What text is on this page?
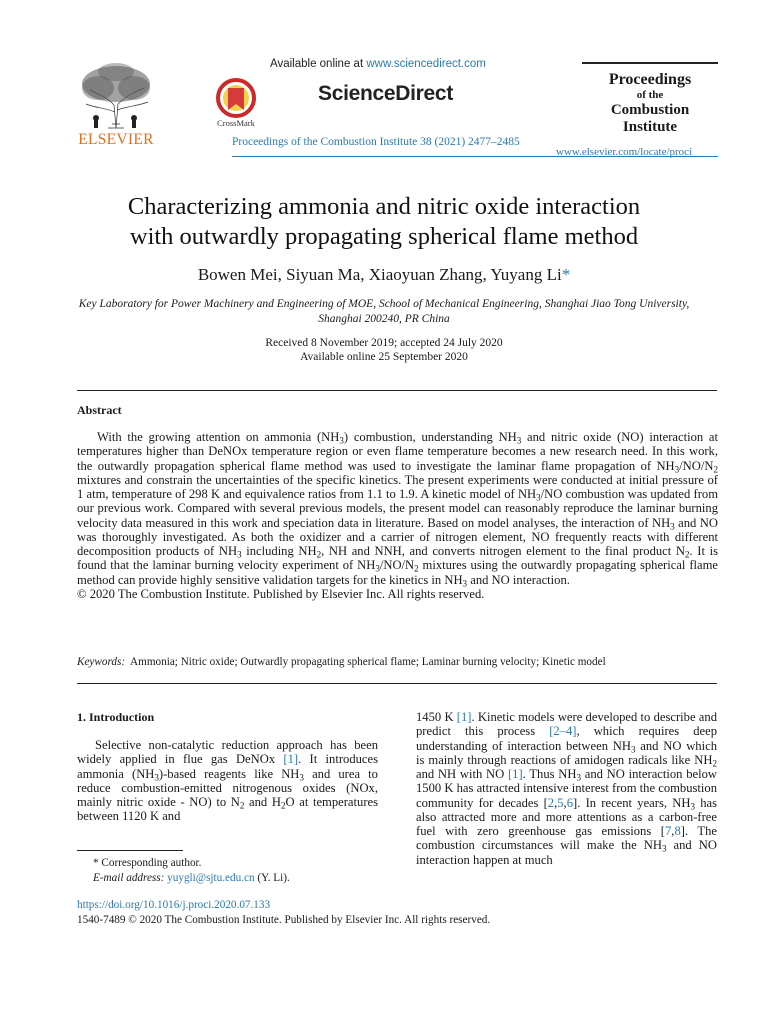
ELSEVIER
CrossMark
Available online at www.sciencedirect.com
ScienceDirect
Proceedings of the Combustion Institute 38 (2021) 2477–2485
Proceedings
of the
Combustion
Institute
www.elsevier.com/locate/proci
Characterizing ammonia and nitric oxide interaction
with outwardly propagating spherical flame method
Bowen Mei, Siyuan Ma, Xiaoyuan Zhang, Yuyang Li*
Key Laboratory for Power Machinery and Engineering of MOE, School of Mechanical Engineering, Shanghai Jiao Tong University, Shanghai 200240, PR China
Received 8 November 2019; accepted 24 July 2020
Available online 25 September 2020
Abstract

With the growing attention on ammonia $(NH_3)$ combustion, understanding $NH_3$ and nitric oxide (NO) interaction at temperatures higher than DeNOx temperature region or even flame temperature becomes a new research need. In this work, the outwardly propagation spherical flame method was used to investigate the laminar flame propagation of $NH_3/NO/N_2$ mixtures and constrain the uncertainties of the specific kinetics. The present experiments were conducted at initial pressure of 1 atm, temperature of 298 K and equivalence ratios from 1.1 to 1.9. A kinetic model of $NH_3/NO$ combustion was updated from our previous work. Compared with several previous models, the present model can reasonably reproduce the laminar burning velocity data measured in this work and speciation data in literature. Based on model analyses, the interaction of $NH_3$ and NO was thoroughly investigated. As both the oxidizer and a carrier of nitrogen element, NO frequently reacts with different decomposition products of $NH_3$ including $NH_2$, NH and NNH, and converts nitrogen element to the final product $N_2$. It is found that the laminar burning velocity experiment of $NH_3/NO/N_2$ mixtures using the outwardly propagating spherical flame method can provide highly sensitive validation targets for the kinetics in $NH_3$ and NO interaction.

© 2020 The Combustion Institute. Published by Elsevier Inc. All rights reserved.

Keywords: Ammonia; Nitric oxide; Outwardly propagating spherical flame; Laminar burning velocity; Kinetic model
1. Introduction
Selective non-catalytic reduction approach has been widely applied in flue gas DeNOx [1]. It introduces ammonia $(NH_3)$-based reagents like $NH_3$ and urea to reduce combustion-emitted nitrogenous oxides (NOx, mainly nitric oxide - NO) to $N_2$ and $H_2O$ at temperatures between 1120 K and
1450 K [1]. Kinetic models were developed to describe and predict this process [2–4], which requires deep understanding of interaction between $NH_3$ and NO which is mainly through reactions of amidogen radicals like $NH_2$ and NH with NO [1]. Thus $NH_3$ and NO interaction below 1500 K has attracted intensive interest from the combustion community for decades [2,5,6]. In recent years, $NH_3$ has also attracted more and more attentions as a carbon-free fuel with zero greenhouse gas emissions [7,8]. The combustion circumstances will make the $NH_3$ and NO interaction happen at much
* Corresponding author.
E-mail address: yuygli@sjtu.edu.cn (Y. Li).
https://doi.org/10.1016/j.proci.2020.07.133
1540-7489 © 2020 The Combustion Institute. Published by Elsevier Inc. All rights reserved.
